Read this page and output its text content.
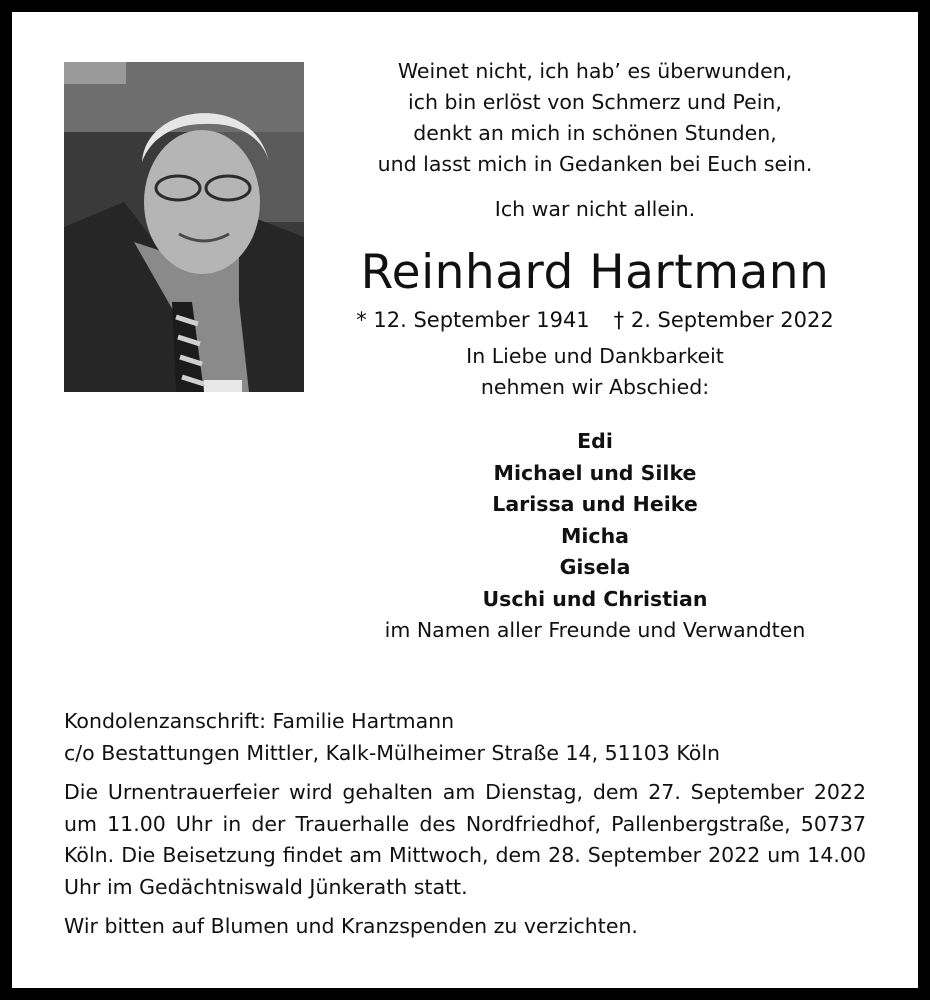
Weinet nicht, ich hab’ es überwunden,
ich bin erlöst von Schmerz und Pein,
denkt an mich in schönen Stunden,
und lasst mich in Gedanken bei Euch sein.
Ich war nicht allein.
Reinhard Hartmann
* 12. September 1941 † 2. September 2022
In Liebe und Dankbarkeit
nehmen wir Abschied:
Edi
Michael und Silke
Larissa und Heike
Micha
Gisela
Uschi und Christian
im Namen aller Freunde und Verwandten
Kondolenzanschrift: Familie Hartmann
c/o Bestattungen Mittler, Kalk-Mülheimer Straße 14, 51103 Köln
Die Urnentrauerfeier wird gehalten am Dienstag, dem 27. September 2022 um 11.00 Uhr in der Trauerhalle des Nordfriedhof, Pallenbergstraße, 50737 Köln. Die Beisetzung findet am Mittwoch, dem 28. September 2022 um 14.00 Uhr im Gedächtniswald Jünkerath statt.
Wir bitten auf Blumen und Kranzspenden zu verzichten.
